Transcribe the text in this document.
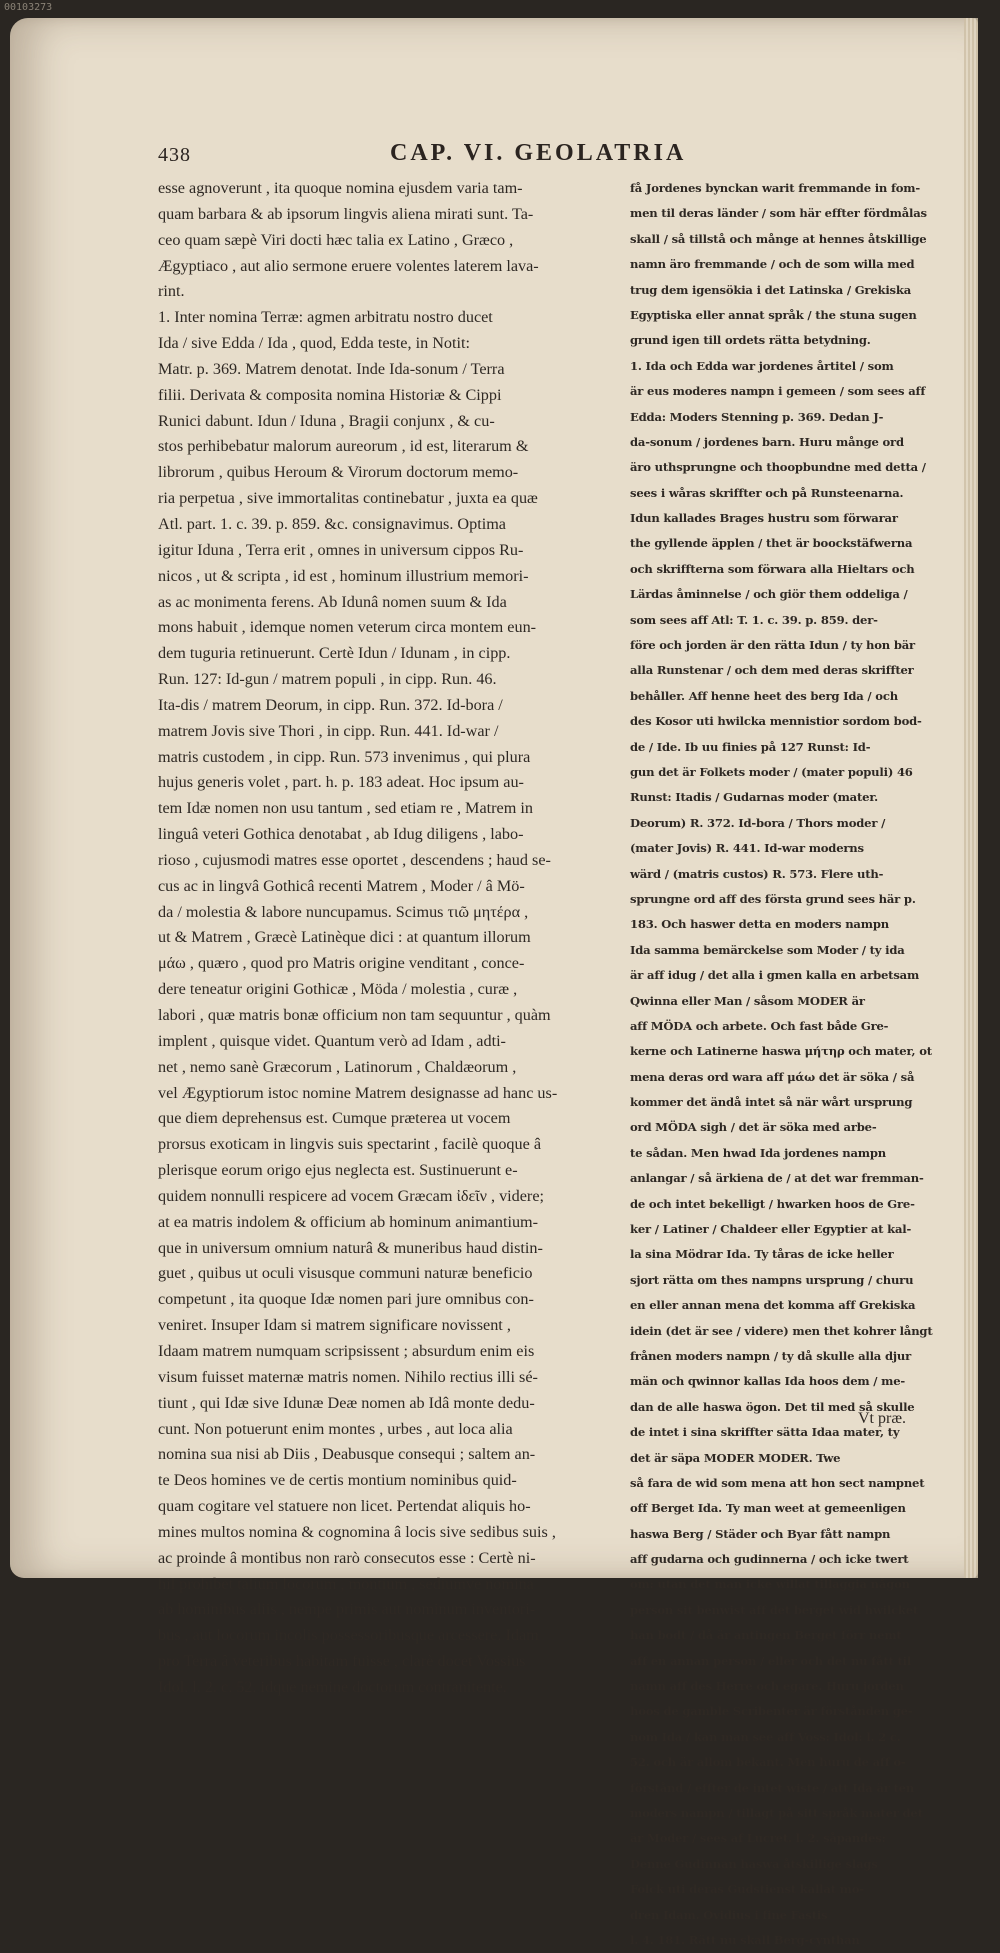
00103273
438	CAP. VI. GEOLATRIA
esse agnoverunt , ita quoque nomina ejusdem varia tam-
quam barbara & ab ipsorum lingvis aliena mirati sunt. Ta-
ceo quam sæpè Viri docti hæc talia ex Latino , Græco ,
Ægyptiaco , aut alio sermone eruere volentes laterem lava-
rint.
1. Inter nomina Terræ: agmen arbitratu nostro ducet
Ida / sive Edda / Ida , quod, Edda teste, in Notit:
Matr. p. 369. Matrem denotat. Inde Ida-sonum / Terra
filii. Derivata & composita nomina Historiæ & Cippi
Runici dabunt. Idun / Iduna , Bragii conjunx , & cu-
stos perhibebatur malorum aureorum , id est, literarum &
librorum , quibus Heroum & Virorum doctorum memo-
ria perpetua , sive immortalitas continebatur , juxta ea quæ
Atl. part. 1. c. 39. p. 859. &c. consignavimus. Optima
igitur Iduna , Terra erit , omnes in universum cippos Ru-
nicos , ut & scripta , id est , hominum illustrium memori-
as ac monimenta ferens. Ab Idunâ nomen suum & Ida
mons habuit , idemque nomen veterum circa montem eun-
dem tuguria retinuerunt. Certè Idun / Idunam , in cipp.
Run. 127: Id-gun / matrem populi , in cipp. Run. 46.
Ita-dis / matrem Deorum, in cipp. Run. 372. Id-bora /
matrem Jovis sive Thori , in cipp. Run. 441. Id-war /
matris custodem , in cipp. Run. 573 invenimus , qui plura
hujus generis volet , part. h. p. 183 adeat. Hoc ipsum au-
tem Idæ nomen non usu tantum , sed etiam re , Matrem in
linguâ veteri Gothica denotabat , ab Idug diligens , labo-
rioso , cujusmodi matres esse oportet , descendens ; haud se-
cus ac in lingvâ Gothicâ recenti Matrem , Moder / â Mö-
da / molestia & labore nuncupamus. Scimus τιῶ μητέρα ,
ut & Matrem , Græcè Latinèque dici : at quantum illorum
μάω , quæro , quod pro Matris origine venditant , conce-
dere teneatur origini Gothicæ , Möda / molestia , curæ ,
labori , quæ matris bonæ officium non tam sequuntur , quàm
implent , quisque videt. Quantum verò ad Idam , adti-
net , nemo sanè Græcorum , Latinorum , Chaldæorum ,
vel Ægyptiorum istoc nomine Matrem designasse ad hanc us-
que diem deprehensus est. Cumque præterea ut vocem
prorsus exoticam in lingvis suis spectarint , facilè quoque â
plerisque eorum origo ejus neglecta est. Sustinuerunt e-
quidem nonnulli respicere ad vocem Græcam ἰδεῖν , videre;
at ea matris indolem & officium ab hominum animantium-
que in universum omnium naturâ & muneribus haud distin-
guet , quibus ut oculi visusque communi naturæ beneficio
competunt , ita quoque Idæ nomen pari jure omnibus con-
veniret. Insuper Idam si matrem significare novissent ,
Idaam matrem numquam scripsissent ; absurdum enim eis
visum fuisset maternæ matris nomen. Nihilo rectius illi sé-
tiunt , qui Idæ sive Idunæ Deæ nomen ab Idâ monte dedu-
cunt. Non potuerunt enim montes , urbes , aut loca alia
nomina sua nisi ab Diis , Deabusque consequi ; saltem an-
te Deos homines ve de certis montium nominibus quid-
quam cogitare vel statuere non licet. Pertendat aliquis ho-
mines multos nomina & cognomina â locis sive sedibus suis ,
ac proinde â montibus non rarò consecutos esse : Certè ni-
hil prohibet talium locorum , montium , sediumve nomina
ab hominibus aliis , nempe primis aut nominum inventori-
bus , aut locorum incolis possessoribusque arcessere. Idam
pro Terra â veteribus habitam fuisse , clarè docet Vossius
Idol. l. 2. c. 52. idque nemine doctorum contranitente.
få Jordenes bynckan warit fremmande in fom-
men til deras länder / som här effter fördmålas
skall / så tillstå och månge at hennes åtskillige
namn äro fremmande / och de som willa med
trug dem igensökia i det Latinska / Grekiska
Egyptiska eller annat språk / the stuna sugen
grund igen till ordets rätta betydning.
1. Ida och Edda war jordenes årtitel / som
är eus moderes nampn i gemeen / som sees aff
Edda: Moders Stenning p. 369. Dedan J-
da-sonum / jordenes barn. Huru månge ord
äro uthsprungne och thoopbundne med detta /
sees i wåras skriffter och på Runsteenarna.
Idun kallades Brages hustru som förwarar
the gyllende äpplen / thet är boockstäfwerna
och skriffterna som förwara alla Hieltars och
Lärdas åminnelse / och giör them oddeliga /
som sees aff Atl: T. 1. c. 39. p. 859. der-
före och jorden är den rätta Idun / ty hon bär
alla Runstenar / och dem med deras skriffter
behåller. Aff henne heet des berg Ida / och
des Kosor uti hwilcka mennistior sordom bod-
de / Ide. Ib uu finies på 127 Runst: Id-
gun det är Folkets moder / (mater populi) 46
Runst: Itadis / Gudarnas moder (mater.
Deorum) R. 372. Id-bora / Thors moder /
(mater Jovis) R. 441. Id-war moderns
wärd / (matris custos) R. 573. Flere uth-
sprungne ord aff des första grund sees här p.
183. Och haswer detta en moders nampn
Ida samma bemärckelse som Moder / ty ida
är aff idug / det alla i gmen kalla en arbetsam
Qwinna eller Man / såsom MODER är
aff MÖDA och arbete. Och fast både Gre-
kerne och Latinerne haswa μήτηρ och mater, ot
mena deras ord wara aff μάω det är söka / så
kommer det ändå intet så när wårt ursprung
ord MÖDA sigh / det är söka med arbe-
te sådan. Men hwad Ida jordenes nampn
anlangar / så ärkiena de / at det war fremman-
de och intet bekelligt / hwarken hoos de Gre-
ker / Latiner / Chaldeer eller Egyptier at kal-
la sina Mödrar Ida. Ty tåras de icke heller
sjort rätta om thes nampns ursprung / churu
en eller annan mena det komma aff Grekiska
idein (det är see / videre) men thet kohrer långt
frånen moders nampn / ty då skulle alla djur
män och qwinnor kallas Ida hoos dem / me-
dan de alle haswa ögon. Det til med så skulle
de intet i sina skriffter sätta Idaa mater, ty
det är säpa MODER MODER. Twe
så fara de wid som mena att hon sect nampnet
off Berget Ida. Ty man weet at gemeenligen
haswa Berg / Städer och Byar fått nampn
aff gudarna och gudinnerna / och icke twert
om: utan det man icke willat tillaggia någon
person sit benwist aff det berget wid hwilcket
han bodt / då är antingen Berget förr nemt
aff en annan person / eller och det nu fått til
namn aff des Herre och egare. Huru jorden
hoos de gamble Scribenter är förstånden ge-
nom Ida / kan man see aff Voss: Idol: l. 2 c.
52. och är allom bekant. Men huru de aff o-
förstånd / effter de intet wiste / att Ida är ten
moders nampn / tillagt på sitt språk mater det
är Moder / sees af Lucret. l. 2. såpandes:
Denne Gudinnan haswa åtskillige slags
Folck uti deras Gudstienst kallat mo-
dren Idam. Ovidius i fine Fastis
l. 4. 181. Rätt nu skall Berg-cynthan
Vt præ.
